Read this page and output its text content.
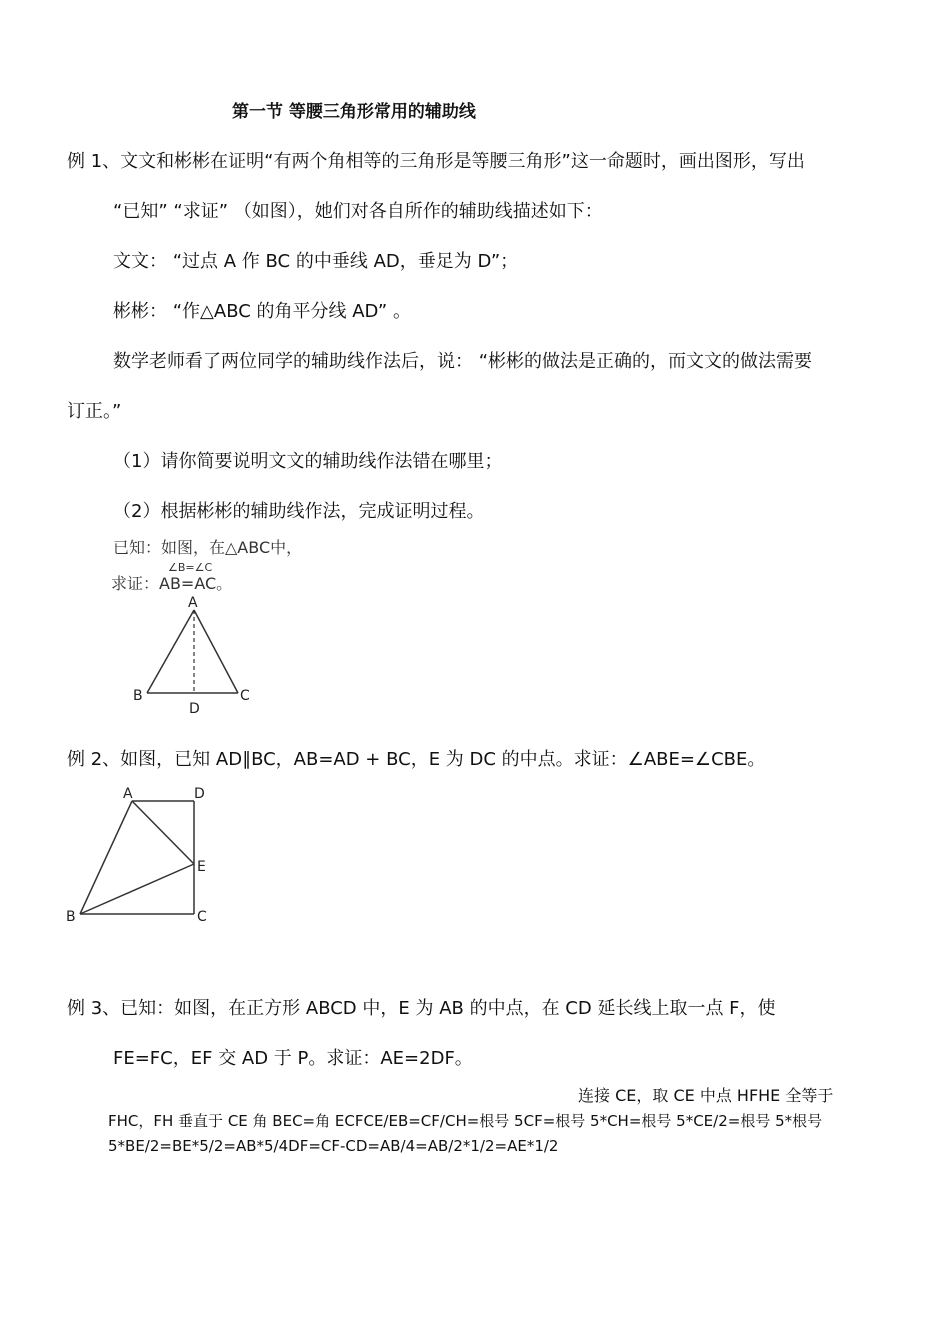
第一节 等腰三角形常用的辅助线
例 1、文文和彬彬在证明“有两个角相等的三角形是等腰三角形”这一命题时，画出图形，写出
“已知” “求证” （如图），她们对各自所作的辅助线描述如下：
文文： “过点 A 作 BC 的中垂线 AD，垂足为 D”；
彬彬： “作△ABC 的角平分线 AD” 。
数学老师看了两位同学的辅助线作法后，说： “彬彬的做法是正确的，而文文的做法需要
订正。”
（1）请你简要说明文文的辅助线作法错在哪里；
（2）根据彬彬的辅助线作法，完成证明过程。
已知：如图，在△ABC中，
∠B=∠C
求证：AB=AC。
A
B	C
D
例 2、如图，已知 AD∥BC，AB=AD + BC，E 为 DC 的中点。求证：∠ABE=∠CBE。
A	D
E
B	C
例 3、已知：如图，在正方形 ABCD 中，E 为 AB 的中点，在 CD 延长线上取一点 F，使
FE=FC，EF 交 AD 于 P。求证：AE=2DF。
连接 CE，取 CE 中点 HFHE 全等于
FHC，FH 垂直于 CE 角 BEC=角 ECFCE/EB=CF/CH=根号 5CF=根号 5*CH=根号 5*CE/2=根号 5*根号
5*BE/2=BE*5/2=AB*5/4DF=CF-CD=AB/4=AB/2*1/2=AE*1/2
